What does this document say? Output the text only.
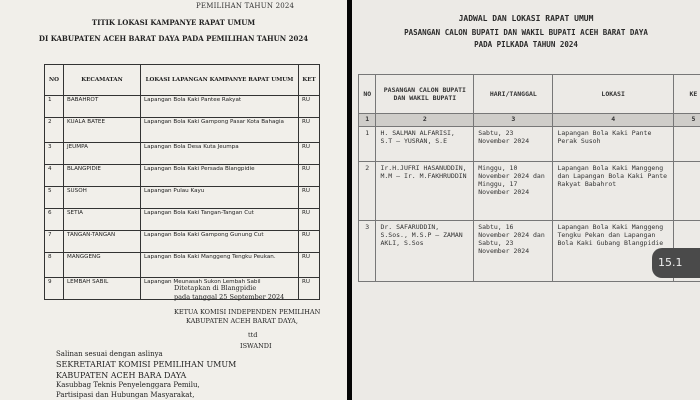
PEMILIHAN TAHUN 2024
TITIK LOKASI KAMPANYE RAPAT UMUM
DI KABUPATEN ACEH BARAT DAYA PADA PEMILIHAN TAHUN 2024
NO	KECAMATAN	LOKASI LAPANGAN KAMPANYE RAPAT UMUM	KET
1	BABAHROT	Lapangan Bola Kaki Pantee Rakyat	RU
2	KUALA BATEE	Lapangan Bola Kaki Gampong Pasar Kota Bahagia	RU
3	JEUMPA	Lapangan Bola Desa Kuta Jeumpa	RU
4	BLANGPIDIE	Lapangan Bola Kaki Persada Blangpidie	RU
5	SUSOH	Lapangan Pulau Kayu	RU
6	SETIA	Lapangan Bola Kaki Tangan-Tangan Cut	RU
7	TANGAN-TANGAN	Lapangan Bola Kaki Gampong Gunung Cut	RU
8	MANGGENG	Lapangan Bola Kaki Manggeng Tengku Peukan.	RU
9	LEMBAH SABIL	Lapangan Meunasah Sukon Lembah Sabil	RU
Ditetapkan di Blangpidie
pada tanggal 25 September 2024
KETUA KOMISI INDEPENDEN PEMILIHAN
KABUPATEN ACEH BARAT DAYA,
ttd
ISWANDI
Salinan sesuai dengan aslinya
SEKRETARIAT KOMISI PEMILIHAN UMUM
KABUPATEN ACEH BARA DAYA
Kasubbag Teknis Penyelenggara Pemilu,
Partisipasi dan Hubungan Masyarakat,
JADWAL DAN LOKASI RAPAT UMUM
PASANGAN CALON BUPATI DAN WAKIL BUPATI ACEH BARAT DAYA
PADA PILKADA TAHUN 2024
NO	PASANGAN CALON BUPATI DAN WAKIL BUPATI	HARI/TANGGAL	LOKASI	KE
1	2	3	4	5
1	H. SALMAN ALFARISI, S.T – YUSRAN, S.E	Sabtu, 23 November 2024	Lapangan Bola Kaki Pante Perak Susoh	
2	Ir.H.JUFRI HASANUDDIN, M.M – Ir. M.FAKHRUDDIN	Minggu, 10 November 2024 dan Minggu, 17 November 2024	Lapangan Bola Kaki Manggeng dan Lapangan Bola Kaki Pante Rakyat Babahrot	
3	Dr. SAFARUDDIN, S.Sos., M.S.P – ZAMAN AKLI, S.Sos	Sabtu, 16 November 2024 dan Sabtu, 23 November 2024	Lapangan Bola Kaki Manggeng Tengku Pekan dan Lapangan Bola Kaki Gubang Blangpidie	
15.1
